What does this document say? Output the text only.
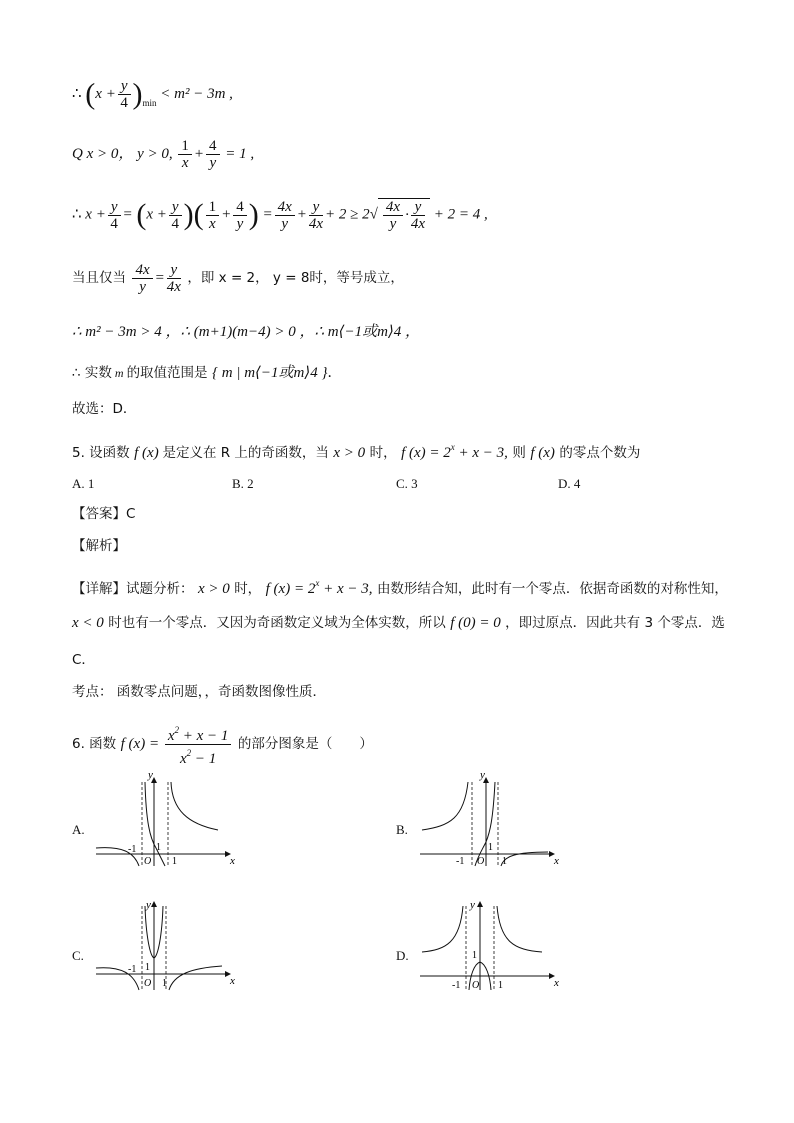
∴ $(x + \frac{y}{4} )_{min} < m^2 - 3m$ ,
Q x > 0， y > 0, $\frac{1}{x} + \frac{4}{y} = 1$ ,
∴ $x + \frac{y}{4} = (x + \frac{y}{4}$ )( $\frac{1}{x} + \frac{4}{y}$ ) = $\frac{4x}{y} + \frac{y}{4x} + 2 \ge 2√ \frac{4x}{y} \cdot \frac{y}{4x} + 2 = 4$ ,
当且仅当 $\frac{4x}{y} = \frac{y}{4x}$ ，即 x = 2， y = 8时，等号成立，
∴ m² − 3m > 4 ，∴ (m+1)(m−4) > 0 ，∴ m⟨−1或m⟩4 ，
∴ 实数 m 的取值范围是 { m | m⟨−1或m⟩4 }．
故选：D．
5. 设函数 f (x) 是定义在 R 上的奇函数，当 x > 0 时， f $(x) = 2^x + x - 3$, 则 f (x) 的零点个数为
A. 1	B. 2	C. 3	D. 4
【答案】C
【解析】
【详解】试题分析： x > 0 时， f $(x) = 2^x + x - 3$, 由数形结合知，此时有一个零点．依据奇函数的对称性知，
x < 0 时也有一个零点．又因为奇函数定义域为全体实数，所以 f (0) = 0 ，即过原点．因此共有 3 个零点．选
C．
考点： 函数零点问题，，奇函数图像性质．
6. 函数 f $(x) = \frac{x^2 + x - 1}{x^2 - 1}$ 的部分图象是（　　）
A.	B.
C.	D.
y
x
O
-1 1
1
y
x
O
-1
1
1
y
x
O
-1 1
1
y
x
O
-1
1
1
